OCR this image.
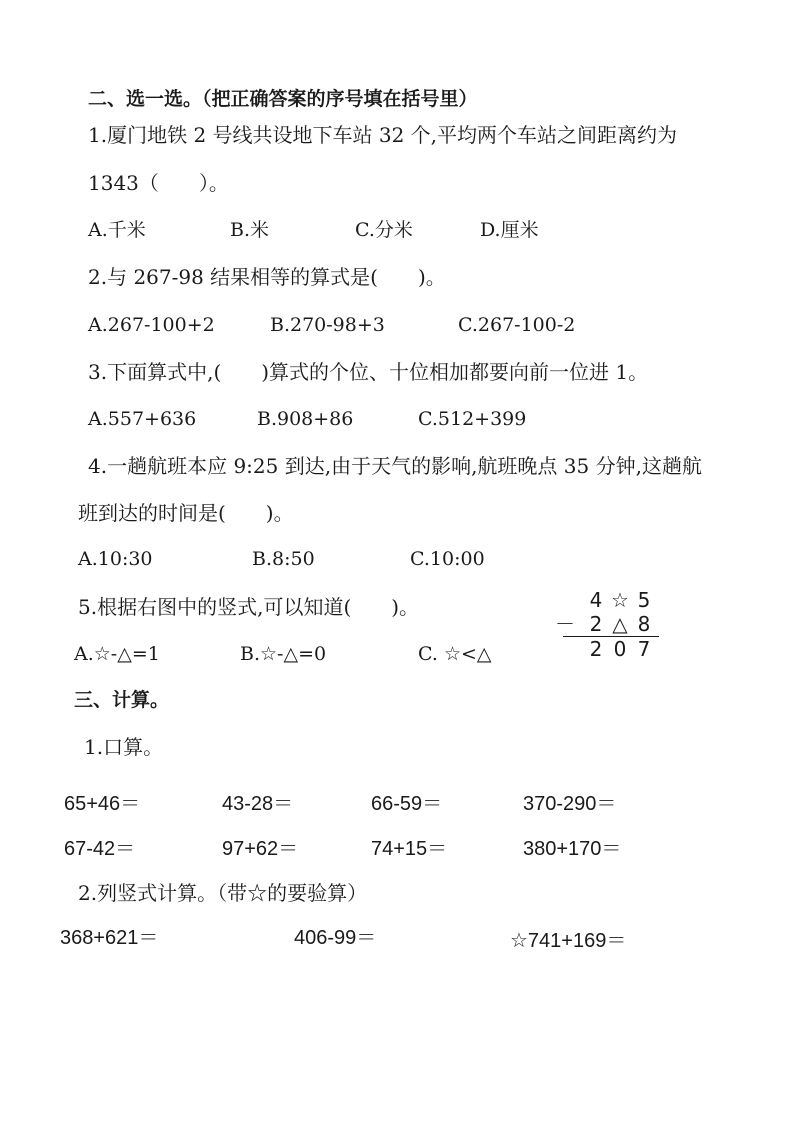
二、选一选。（把正确答案的序号填在括号里）
1.厦门地铁 2 号线共设地下车站 32 个,平均两个车站之间距离约为
1343（　　）。
A.千米	B.米	C.分米	D.厘米
2.与 267-98 结果相等的算式是(　　)。
A.267-100+2	B.270-98+3	C.267-100-2
3.下面算式中,(　　)算式的个位、十位相加都要向前一位进 1。
A.557+636	B.908+86	C.512+399
4.一趟航班本应 9:25 到达,由于天气的影响,航班晚点 35 分钟,这趟航
班到达的时间是(　　)。
A.10:30	B.8:50	C.10:00
5.根据右图中的竖式,可以知道(　　)。
A.☆-△=1	B.☆-△=0	C. ☆<△
4 ☆ 5
－ 2 △ 8
2 0 7
三、计算。
1.口算。
65+46＝	43-28＝	66-59＝	370-290＝
67-42＝	97+62＝	74+15＝	380+170＝
2.列竖式计算。（带☆的要验算）
368+621＝	406-99＝	☆741+169＝
